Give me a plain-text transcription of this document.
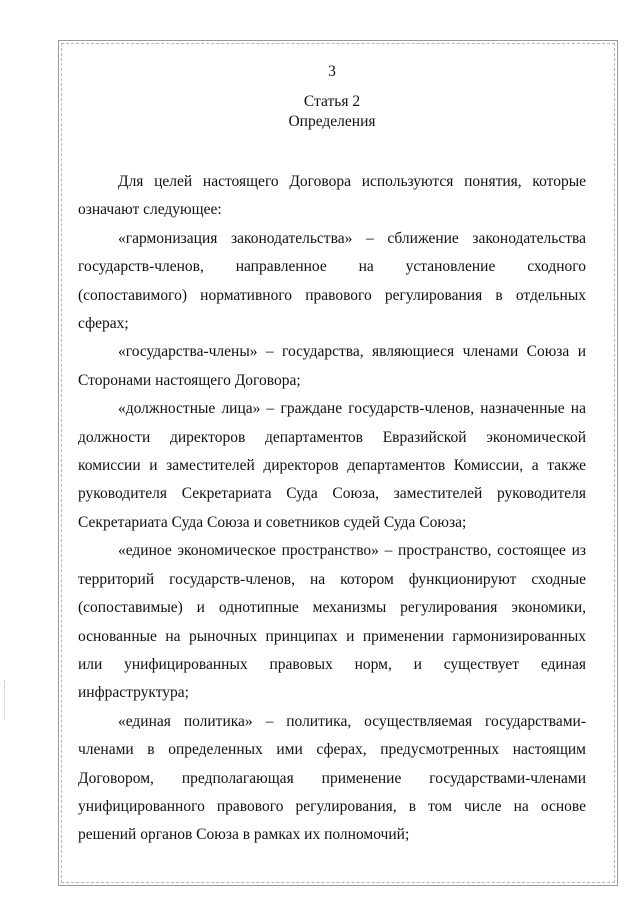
3
Статья 2
Определения

Для целей настоящего Договора используются понятия, которые означают следующее:

«гармонизация законодательства» – сближение законодательства государств-членов, направленное на установление сходного (сопоставимого) нормативного правового регулирования в отдельных сферах;

«государства-члены» – государства, являющиеся членами Союза и Сторонами настоящего Договора;

«должностные лица» – граждане государств-членов, назначенные на должности директоров департаментов Евразийской экономической комиссии и заместителей директоров департаментов Комиссии, а также руководителя Секретариата Суда Союза, заместителей руководителя Секретариата Суда Союза и советников судей Суда Союза;

«единое экономическое пространство» – пространство, состоящее из территорий государств-членов, на котором функционируют сходные (сопоставимые) и однотипные механизмы регулирования экономики, основанные на рыночных принципах и применении гармонизированных или унифицированных правовых норм, и существует единая инфраструктура;

«единая политика» – политика, осуществляемая государствами-членами в определенных ими сферах, предусмотренных настоящим Договором, предполагающая применение государствами-членами унифицированного правового регулирования, в том числе на основе решений органов Союза в рамках их полномочий;
